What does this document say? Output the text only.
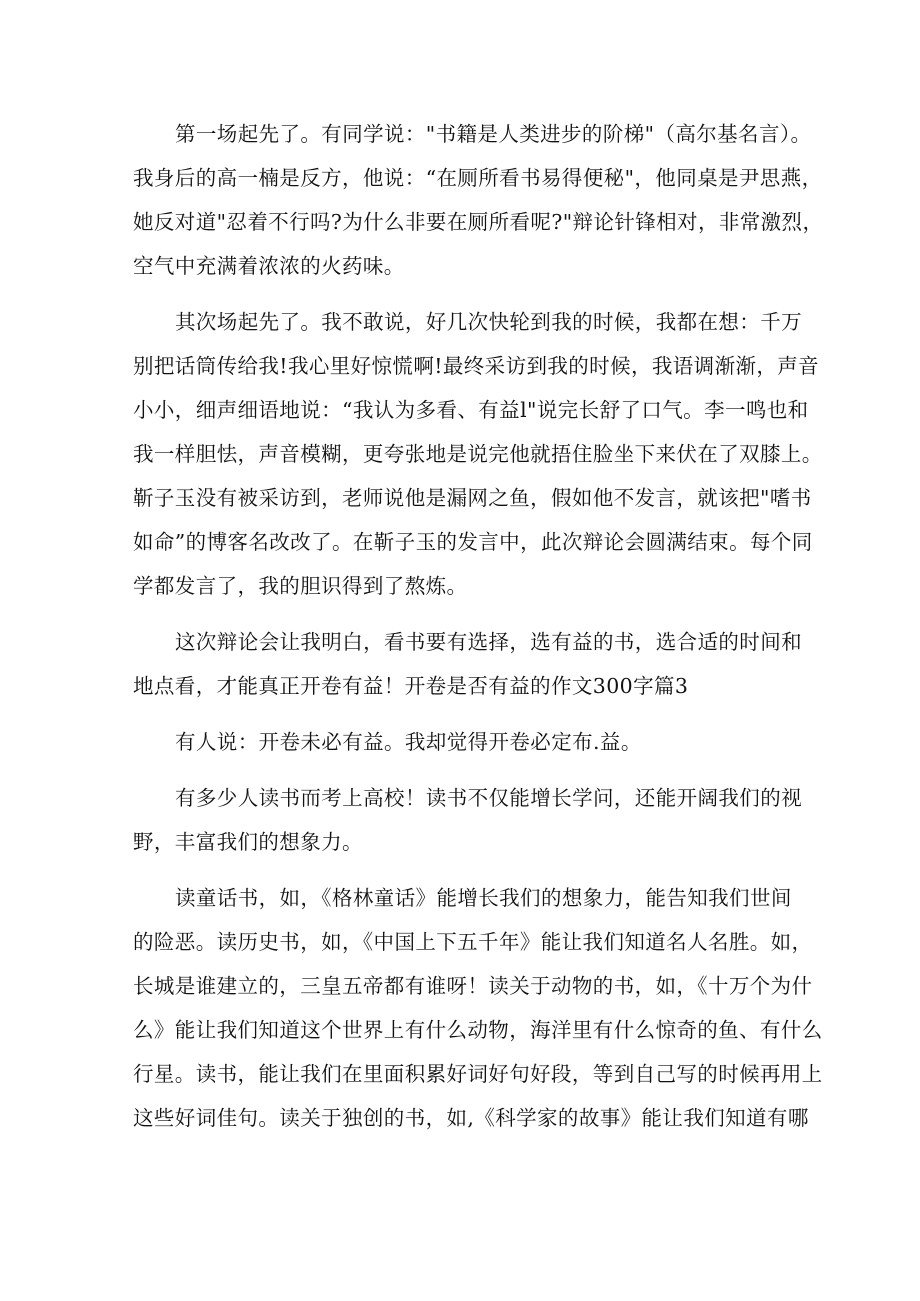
第一场起先了。有同学说："书籍是人类进步的阶梯"（高尔基名言）。
我身后的高一楠是反方，他说：“在厕所看书易得便秘"，他同桌是尹思燕，
她反对道"忍着不行吗?为什么非要在厕所看呢?"辩论针锋相对，非常激烈，
空气中充满着浓浓的火药味。

其次场起先了。我不敢说，好几次快轮到我的时候，我都在想：千万
别把话筒传给我!我心里好惊慌啊!最终采访到我的时候，我语调渐渐，声音
小小，细声细语地说：“我认为多看、有益l"说完长舒了口气。李一鸣也和
我一样胆怯，声音模糊，更夸张地是说完他就捂住脸坐下来伏在了双膝上。
靳子玉没有被采访到，老师说他是漏网之鱼，假如他不发言，就该把"嗜书
如命”的博客名改改了。在靳子玉的发言中，此次辩论会圆满结束。每个同
学都发言了，我的胆识得到了熬炼。

这次辩论会让我明白，看书要有选择，选有益的书，选合适的时间和
地点看，才能真正开卷有益！开卷是否有益的作文300字篇3

有人说：开卷未必有益。我却觉得开卷必定布.益。

有多少人读书而考上高校！读书不仅能增长学问，还能开阔我们的视
野，丰富我们的想象力。

读童话书，如，《格林童话》能增长我们的想象力，能告知我们世间
的险恶。读历史书，如，《中国上下五千年》能让我们知道名人名胜。如，
长城是谁建立的，三皇五帝都有谁呀！读关于动物的书，如，《十万个为什
么》能让我们知道这个世界上有什么动物，海洋里有什么惊奇的鱼、有什么
行星。读书，能让我们在里面积累好词好句好段，等到自己写的时候再用上
这些好词佳句。读关于独创的书，如,《科学家的故事》能让我们知道有哪
